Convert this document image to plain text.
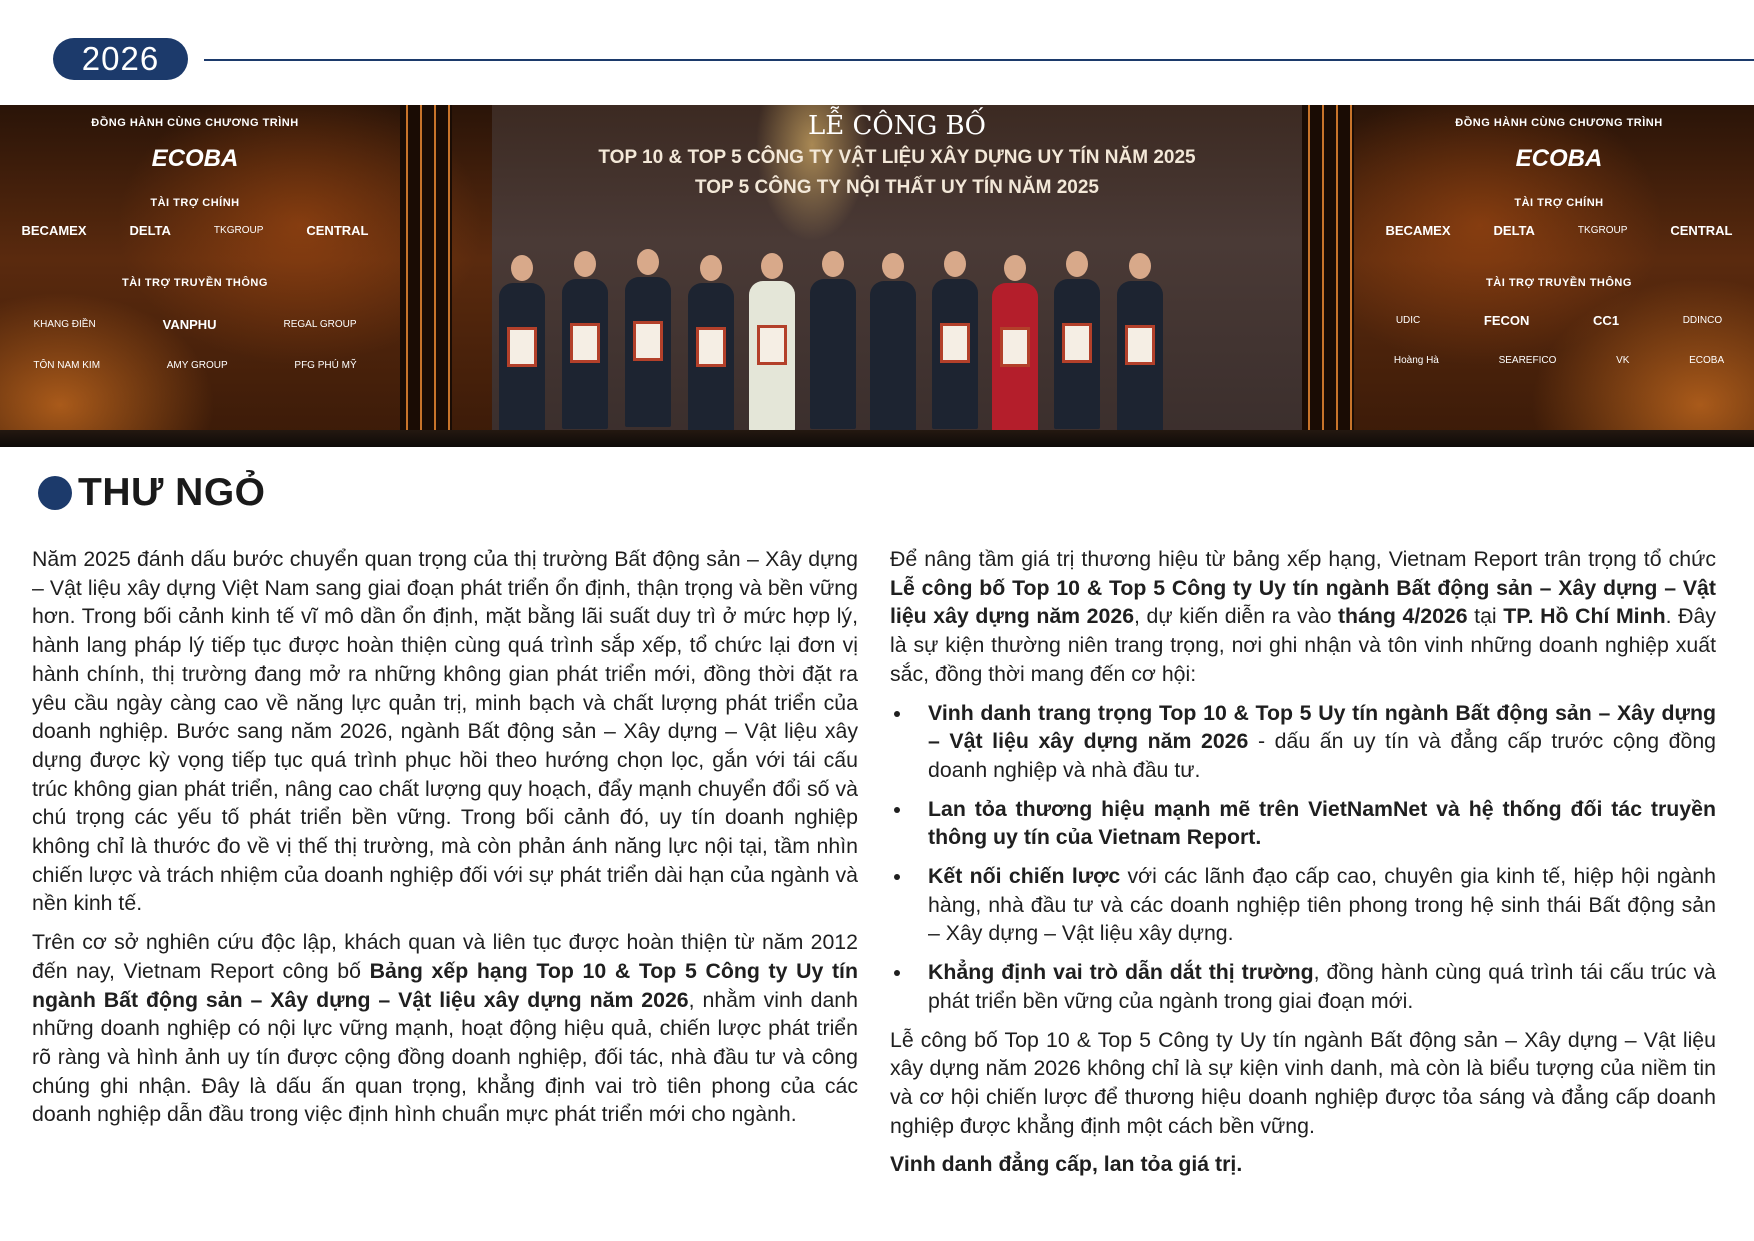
2026
ĐỒNG HÀNH CÙNG CHƯƠNG TRÌNH
ECOBA
TÀI TRỢ CHÍNH
BECAMEX	DELTA	TKGROUP	CENTRAL
TÀI TRỢ TRUYỀN THÔNG
KHANG ĐIỀN	VANPHU	REGAL GROUP
TÔN NAM KIM	AMY GROUP	PFG PHÚ MỸ
LỄ CÔNG BỐ
TOP 10 & TOP 5 CÔNG TY VẬT LIỆU XÂY DỰNG UY TÍN NĂM 2025
TOP 5 CÔNG TY NỘI THẤT UY TÍN NĂM 2025
ĐỒNG HÀNH CÙNG CHƯƠNG TRÌNH
ECOBA
TÀI TRỢ CHÍNH
BECAMEX	DELTA	TKGROUP	CENTRAL
TÀI TRỢ TRUYỀN THÔNG
UDIC	FECON	CC1	DDINCO
Hoàng Hà	SEAREFICO	VK	ECOBA
THƯ NGỎ

Năm 2025 đánh dấu bước chuyển quan trọng của thị trường Bất động sản – Xây dựng – Vật liệu xây dựng Việt Nam sang giai đoạn phát triển ổn định, thận trọng và bền vững hơn. Trong bối cảnh kinh tế vĩ mô dần ổn định, mặt bằng lãi suất duy trì ở mức hợp lý, hành lang pháp lý tiếp tục được hoàn thiện cùng quá trình sắp xếp, tổ chức lại đơn vị hành chính, thị trường đang mở ra những không gian phát triển mới, đồng thời đặt ra yêu cầu ngày càng cao về năng lực quản trị, minh bạch và chất lượng phát triển của doanh nghiệp. Bước sang năm 2026, ngành Bất động sản – Xây dựng – Vật liệu xây dựng được kỳ vọng tiếp tục quá trình phục hồi theo hướng chọn lọc, gắn với tái cấu trúc không gian phát triển, nâng cao chất lượng quy hoạch, đẩy mạnh chuyển đổi số và chú trọng các yếu tố phát triển bền vững. Trong bối cảnh đó, uy tín doanh nghiệp không chỉ là thước đo về vị thế thị trường, mà còn phản ánh năng lực nội tại, tầm nhìn chiến lược và trách nhiệm của doanh nghiệp đối với sự phát triển dài hạn của ngành và nền kinh tế.

Trên cơ sở nghiên cứu độc lập, khách quan và liên tục được hoàn thiện từ năm 2012 đến nay, Vietnam Report công bố Bảng xếp hạng Top 10 & Top 5 Công ty Uy tín ngành Bất động sản – Xây dựng – Vật liệu xây dựng năm 2026, nhằm vinh danh những doanh nghiệp có nội lực vững mạnh, hoạt động hiệu quả, chiến lược phát triển rõ ràng và hình ảnh uy tín được cộng đồng doanh nghiệp, đối tác, nhà đầu tư và công chúng ghi nhận. Đây là dấu ấn quan trọng, khẳng định vai trò tiên phong của các doanh nghiệp dẫn đầu trong việc định hình chuẩn mực phát triển mới cho ngành.

Để nâng tầm giá trị thương hiệu từ bảng xếp hạng, Vietnam Report trân trọng tổ chức Lễ công bố Top 10 & Top 5 Công ty Uy tín ngành Bất động sản – Xây dựng – Vật liệu xây dựng năm 2026, dự kiến diễn ra vào tháng 4/2026 tại TP. Hồ Chí Minh. Đây là sự kiện thường niên trang trọng, nơi ghi nhận và tôn vinh những doanh nghiệp xuất sắc, đồng thời mang đến cơ hội:

Vinh danh trang trọng Top 10 & Top 5 Uy tín ngành Bất động sản – Xây dựng – Vật liệu xây dựng năm 2026 - dấu ấn uy tín và đẳng cấp trước cộng đồng doanh nghiệp và nhà đầu tư.
Lan tỏa thương hiệu mạnh mẽ trên VietNamNet và hệ thống đối tác truyền thông uy tín của Vietnam Report.
Kết nối chiến lược với các lãnh đạo cấp cao, chuyên gia kinh tế, hiệp hội ngành hàng, nhà đầu tư và các doanh nghiệp tiên phong trong hệ sinh thái Bất động sản – Xây dựng – Vật liệu xây dựng.
Khẳng định vai trò dẫn dắt thị trường, đồng hành cùng quá trình tái cấu trúc và phát triển bền vững của ngành trong giai đoạn mới.

Lễ công bố Top 10 & Top 5 Công ty Uy tín ngành Bất động sản – Xây dựng – Vật liệu xây dựng năm 2026 không chỉ là sự kiện vinh danh, mà còn là biểu tượng của niềm tin và cơ hội chiến lược để thương hiệu doanh nghiệp được tỏa sáng và đẳng cấp doanh nghiệp được khẳng định một cách bền vững.

Vinh danh đẳng cấp, lan tỏa giá trị.
